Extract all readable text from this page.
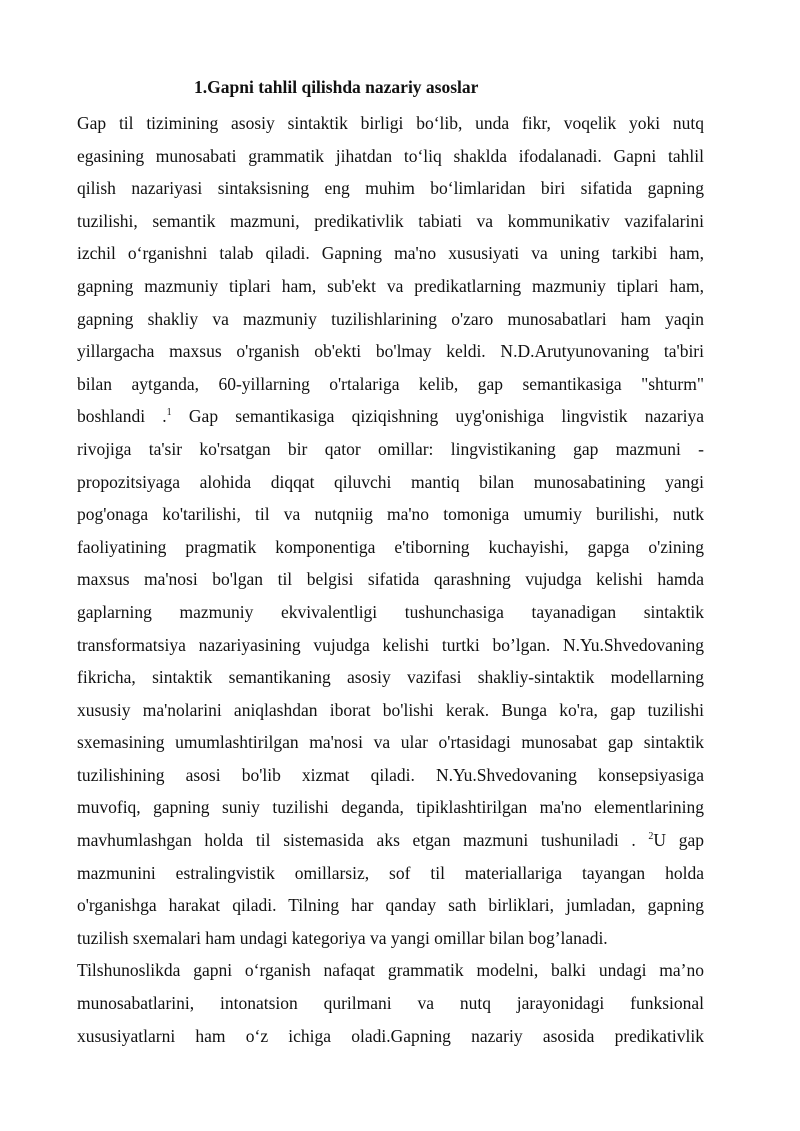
1.Gapni tahlil qilishda nazariy asoslar
Gap til tizimining asosiy sintaktik birligi bo‘lib, unda fikr, voqelik yoki nutq
egasining munosabati grammatik jihatdan to‘liq shaklda ifodalanadi. Gapni tahlil
qilish nazariyasi sintaksisning eng muhim bo‘limlaridan biri sifatida gapning
tuzilishi, semantik mazmuni, predikativlik tabiati va kommunikativ vazifalarini
izchil o‘rganishni talab qiladi. Gapning ma'no xususiyati va uning tarkibi ham,
gapning mazmuniy tiplari ham, sub'ekt va predikatlarning mazmuniy tiplari ham,
gapning shakliy va mazmuniy tuzilishlarining o'zaro munosabatlari ham yaqin
yillargacha maxsus o'rganish ob'ekti bo'lmay keldi. N.D.Arutyunovaning ta'biri
bilan aytganda, 60-yillarning o'rtalariga kelib, gap semantikasiga "shturm"
boshlandi .$^1$ Gap semantikasiga qiziqishning uyg'onishiga lingvistik nazariya
rivojiga ta'sir ko'rsatgan bir qator omillar: lingvistikaning gap mazmuni -
propozitsiyaga alohida diqqat qiluvchi mantiq bilan munosabatining yangi
pog'onaga ko'tarilishi, til va nutqniig ma'no tomoniga umumiy burilishi, nutk
faoliyatining pragmatik komponentiga e'tiborning kuchayishi, gapga o'zining
maxsus ma'nosi bo'lgan til belgisi sifatida qarashning vujudga kelishi hamda
gaplarning mazmuniy ekvivalentligi tushunchasiga tayanadigan sintaktik
transformatsiya nazariyasining vujudga kelishi turtki bo’lgan. N.Yu.Shvedovaning
fikricha, sintaktik semantikaning asosiy vazifasi shakliy-sintaktik modellarning
xususiy ma'nolarini aniqlashdan iborat bo'lishi kerak. Bunga ko'ra, gap tuzilishi
sxemasining umumlashtirilgan ma'nosi va ular o'rtasidagi munosabat gap sintaktik
tuzilishining asosi bo'lib xizmat qiladi. N.Yu.Shvedovaning konsepsiyasiga
muvofiq, gapning suniy tuzilishi deganda, tipiklashtirilgan ma'no elementlarining
mavhumlashgan holda til sistemasida aks etgan mazmuni tushuniladi . $^2$U gap
mazmunini estralingvistik omillarsiz, sof til materiallariga tayangan holda
o'rganishga harakat qiladi. Tilning har qanday sath birliklari, jumladan, gapning
tuzilish sxemalari ham undagi kategoriya va yangi omillar bilan bog’lanadi.
Tilshunoslikda gapni o‘rganish nafaqat grammatik modelni, balki undagi ma’no
munosabatlarini, intonatsion qurilmani va nutq jarayonidagi funksional
xususiyatlarni ham o‘z ichiga oladi.Gapning nazariy asosida predikativlik
